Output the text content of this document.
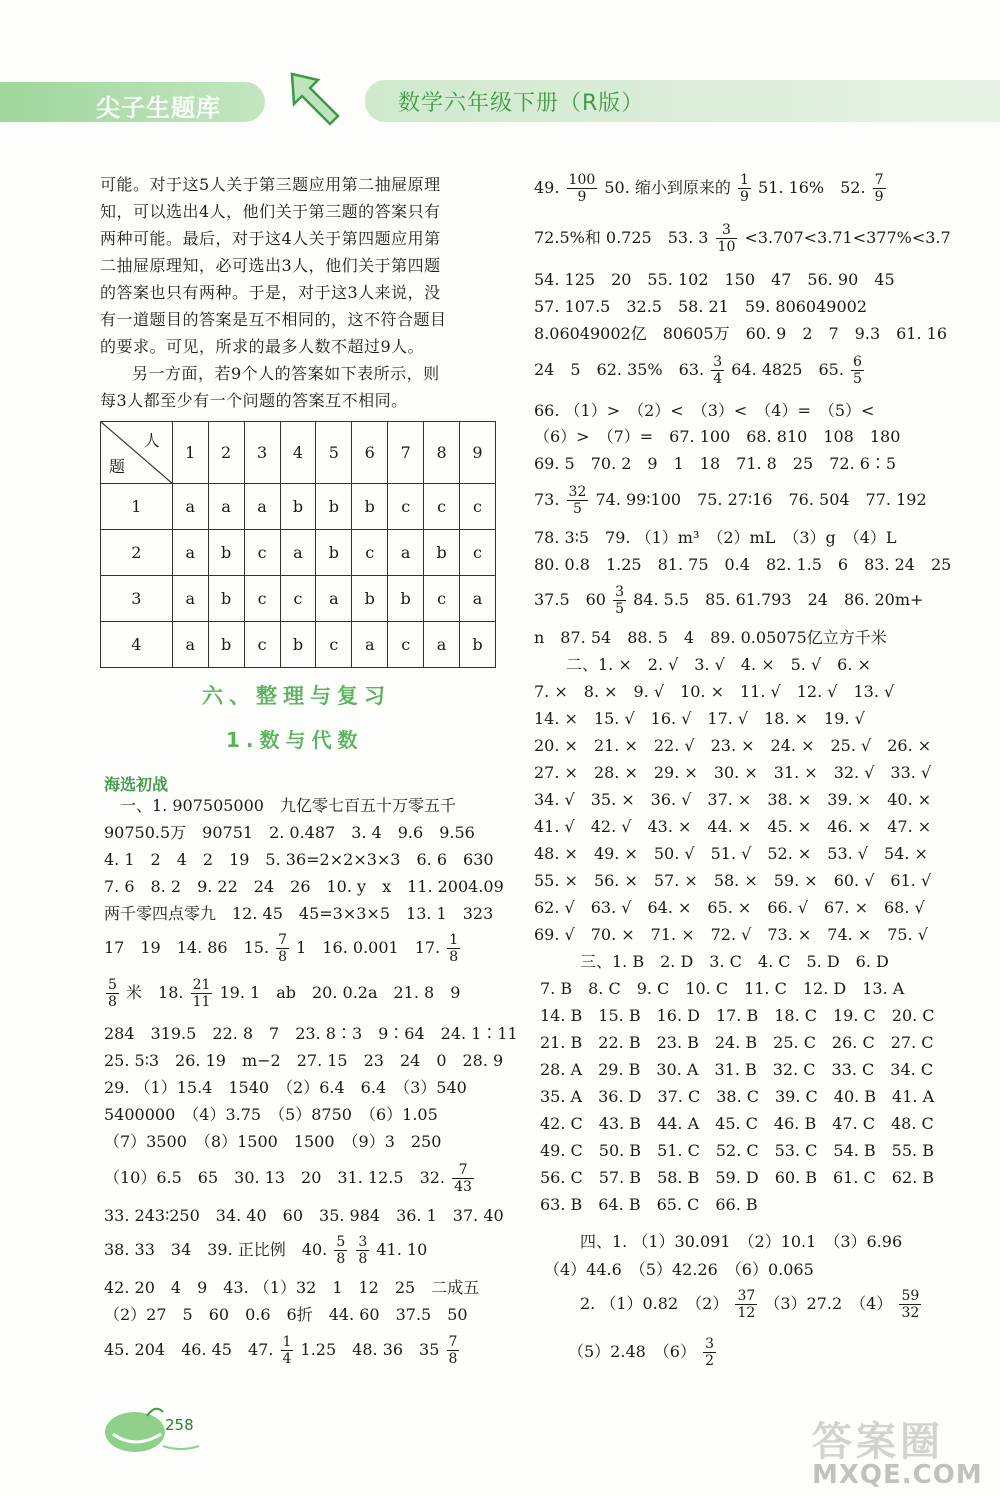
尖子生题库	数学六年级下册（R版）
可能。对于这5人关于第三题应用第二抽屉原理
知，可以选出4人，他们关于第三题的答案只有
两种可能。最后，对于这4人关于第四题应用第
二抽屉原理知，必可选出3人，他们关于第四题
的答案也只有两种。于是，对于这3人来说，没
有一道题目的答案是互不相同的，这不符合题目
的要求。可见，所求的最多人数不超过9人。
另一方面，若9个人的答案如下表所示，则
每3人都至少有一个问题的答案互不相同。
人
题	1	2	3	4	5	6	7	8	9
1	a	a	a	b	b	b	c	c	c
2	a	b	c	a	b	c	a	b	c
3	a	b	c	c	a	b	b	c	a
4	a	b	c	b	c	a	c	a	b
六、整理与复习
1.数与代数
海选初战
一、1. 907505000　九亿零七百五十万零五千
90750.5万　90751　2. 0.487　3. 4　9.6　9.56
4. 1　2　4　2　19　5. 36=2×2×3×3　6. 6　630
7. 6　8. 2　9. 22　24　26　10. y　x　11. 2004.09
两千零四点零九　12. 45　45=3×3×5　13. 1　323
17　19　14. 86　15. $\frac{7}{8} 1$　16. 0.001　17. $\frac{1}{8}$
$\frac{5}{8}$ 米　18. $\frac{21}{11} 19$. 1　ab　20. 0.2a　21. 8　9
284　319.5　22. 8　7　23. 8∶3　9∶64　24. 1∶11
25. 5∶3　26. 19　m−2　27. 15　23　24　0　28. 9
29. （1）15.4　1540　（2）6.4　6.4　（3）540
5400000　（4）3.75　（5）8750　（6）1.05
（7）3500　（8）1500　1500　（9）3　250
（10）6.5　65　30. 13　20　31. 12.5　32. $\frac{7}{43}$
33. 243∶250　34. 40　60　35. 984　36. 1　37. 40
38. 33　34　39. 正比例　40. $\frac{5}{8}$
$\frac{3}{8} 41$. 10
42. 20　4　9　43. （1）32　1　12　25　二成五
（2）27　5　60　0.6　6折　44. 60　37.5　50
45. 204　46. 45　47. $\frac{1}{4} 1.25$　48. 36　$35 \frac{7}{8}$
49. $\frac{100}{9} 50$. 缩小到原来的 $\frac{1}{9} 51$. 16%　52. $\frac{7}{9}$
72.5%和 0.725　53. $3 \frac{3}{10} <3.707<3.71<377\%<3.7$
54. 125　20　55. 102　150　47　56. 90　45
57. 107.5　32.5　58. 21　59. 806049002
8.06049002亿　80605万　60. 9　2　7　9.3　61. 16
24　5　62. 35%　63. $\frac{3}{4} 64$. 4825　65. $\frac{6}{5}$
66. （1）>　（2）<　（3）<　（4）=　（5）<
（6）>　（7）=　67. 100　68. 810　108　180
69. 5　70. 2　9　1　18　71. 8　25　72. 6∶5
73. $\frac{32}{5} 74$. 99∶100　75. 27∶16　76. 504　77. 192
78. 3∶5　79. （1）m³　（2）mL　（3）g　（4）L
80. 0.8　1.25　81. 75　0.4　82. 1.5　6　83. 24　25
37.5　$60 \frac{3}{5} 84$. 5.5　85. 61.793　24　86. 20m+
n　87. 54　88. 5　4　89. 0.05075亿立方千米
二、1. ×　2. √　3. √　4. ×　5. √　6. ×
7. ×　8. ×　9. √　10. ×　11. √　12. √　13. √
14. ×　15. √　16. √　17. √　18. ×　19. √
20. ×　21. ×　22. √　23. ×　24. ×　25. √　26. ×
27. ×　28. ×　29. ×　30. ×　31. ×　32. √　33. √
34. √　35. ×　36. √　37. ×　38. ×　39. ×　40. ×
41. √　42. √　43. ×　44. ×　45. ×　46. ×　47. ×
48. ×　49. ×　50. √　51. √　52. ×　53. √　54. ×
55. ×　56. ×　57. ×　58. ×　59. ×　60. √　61. √
62. √　63. √　64. ×　65. ×　66. √　67. ×　68. √
69. √　70. ×　71. ×　72. √　73. ×　74. ×　75. √
三、1. B　2. D　3. C　4. C　5. D　6. D
7. B　8. C　9. C　10. C　11. C　12. D　13. A
14. B　15. B　16. D　17. B　18. C　19. C　20. C
21. B　22. B　23. B　24. B　25. C　26. C　27. C
28. A　29. B　30. A　31. B　32. C　33. C　34. C
35. A　36. D　37. C　38. C　39. C　40. B　41. A
42. C　43. B　44. A　45. C　46. B　47. C　48. C
49. C　50. B　51. C　52. C　53. C　54. B　55. B
56. C　57. B　58. B　59. D　60. B　61. C　62. B
63. B　64. B　65. C　66. B
四、1. （1）30.091　（2）10.1　（3）6.96
（4）44.6　（5）42.26　（6）0.065
2. （1）0.82　$(2) \frac{37}{12} (3)27.2$　$(4) \frac{59}{32}$
（5）2.48　$(6) \frac{3}{2}$
258	答案圈
MXQE.COM
